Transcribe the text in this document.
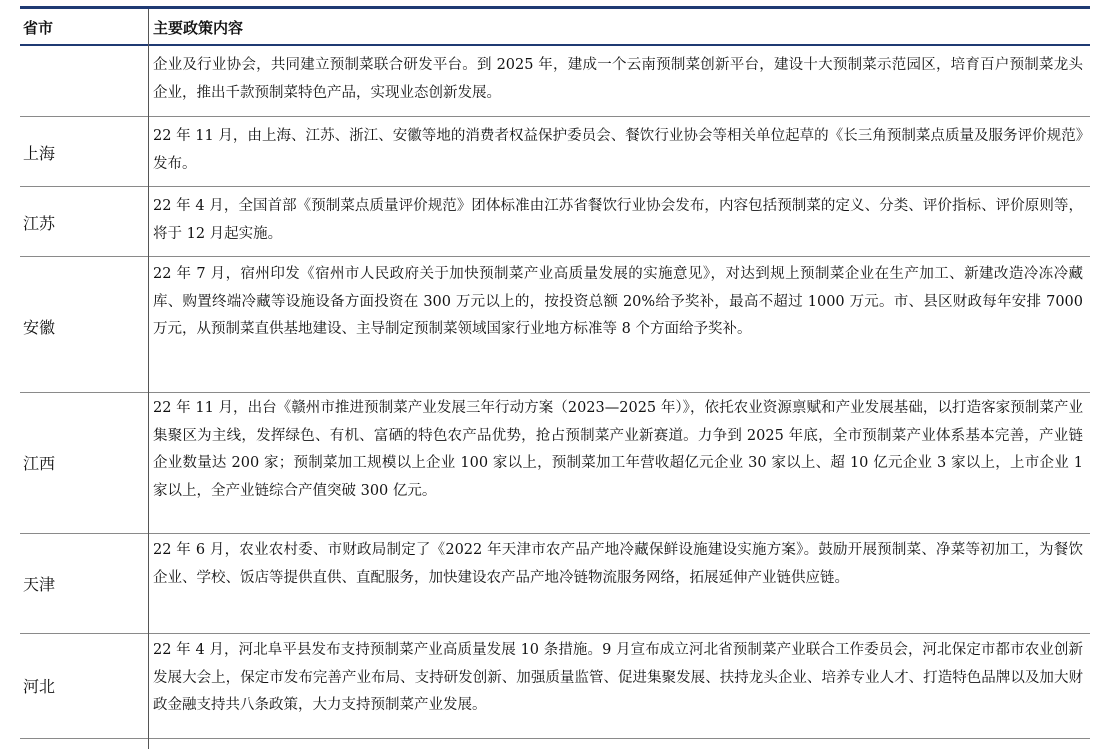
省市	主要政策内容
企业及行业协会，共同建立预制菜联合研发平台。到 2025 年，建成一个云南预制菜创新平台，建设十大预制菜示范园区，培育百户预制菜龙头企业，推出千款预制菜特色产品，实现业态创新发展。
上海
22 年 11 月，由上海、江苏、浙江、安徽等地的消费者权益保护委员会、餐饮行业协会等相关单位起草的《长三角预制菜点质量及服务评价规范》发布。
江苏
22 年 4 月，全国首部《预制菜点质量评价规范》团体标准由江苏省餐饮行业协会发布，内容包括预制菜的定义、分类、评价指标、评价原则等，将于 12 月起实施。
安徽
22 年 7 月，宿州印发《宿州市人民政府关于加快预制菜产业高质量发展的实施意见》，对达到规上预制菜企业在生产加工、新建改造冷冻冷藏库、购置终端冷藏等设施设备方面投资在 300 万元以上的，按投资总额 20%给予奖补，最高不超过 1000 万元。市、县区财政每年安排 7000 万元，从预制菜直供基地建设、主导制定预制菜领域国家行业地方标准等 8 个方面给予奖补。
江西
22 年 11 月，出台《赣州市推进预制菜产业发展三年行动方案（2023—2025 年）》，依托农业资源禀赋和产业发展基础，以打造客家预制菜产业集聚区为主线，发挥绿色、有机、富硒的特色农产品优势，抢占预制菜产业新赛道。力争到 2025 年底，全市预制菜产业体系基本完善，产业链企业数量达 200 家；预制菜加工规模以上企业 100 家以上，预制菜加工年营收超亿元企业 30 家以上、超 10 亿元企业 3 家以上，上市企业 1 家以上，全产业链综合产值突破 300 亿元。
天津
22 年 6 月，农业农村委、市财政局制定了《2022 年天津市农产品产地冷藏保鲜设施建设实施方案》。鼓励开展预制菜、净菜等初加工，为餐饮企业、学校、饭店等提供直供、直配服务，加快建设农产品产地冷链物流服务网络，拓展延伸产业链供应链。
河北
22 年 4 月，河北阜平县发布支持预制菜产业高质量发展 10 条措施。9 月宣布成立河北省预制菜产业联合工作委员会，河北保定市都市农业创新发展大会上，保定市发布完善产业布局、支持研发创新、加强质量监管、促进集聚发展、扶持龙头企业、培养专业人才、打造特色品牌以及加大财政金融支持共八条政策，大力支持预制菜产业发展。
